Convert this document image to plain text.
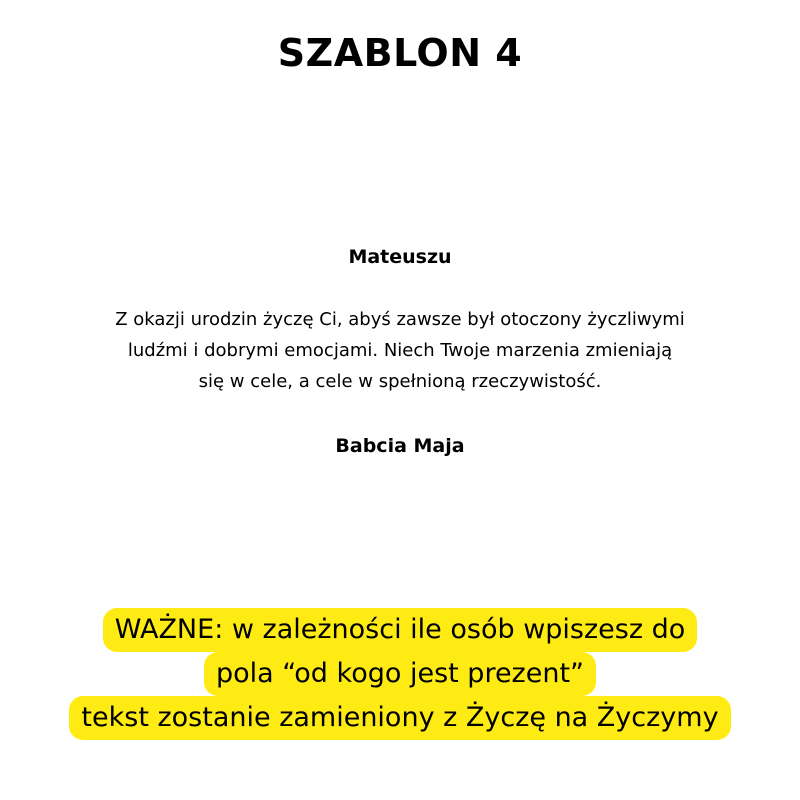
SZABLON 4

Mateuszu

Z okazji urodzin życzę Ci, abyś zawsze był otoczony życzliwymi
ludźmi i dobrymi emocjami. Niech Twoje marzenia zmieniają
się w cele, a cele w spełnioną rzeczywistość.

Babcia Maja

WAŻNE: w zależności ile osób wpiszesz do
pola “od kogo jest prezent”
tekst zostanie zamieniony z Życzę na Życzymy
